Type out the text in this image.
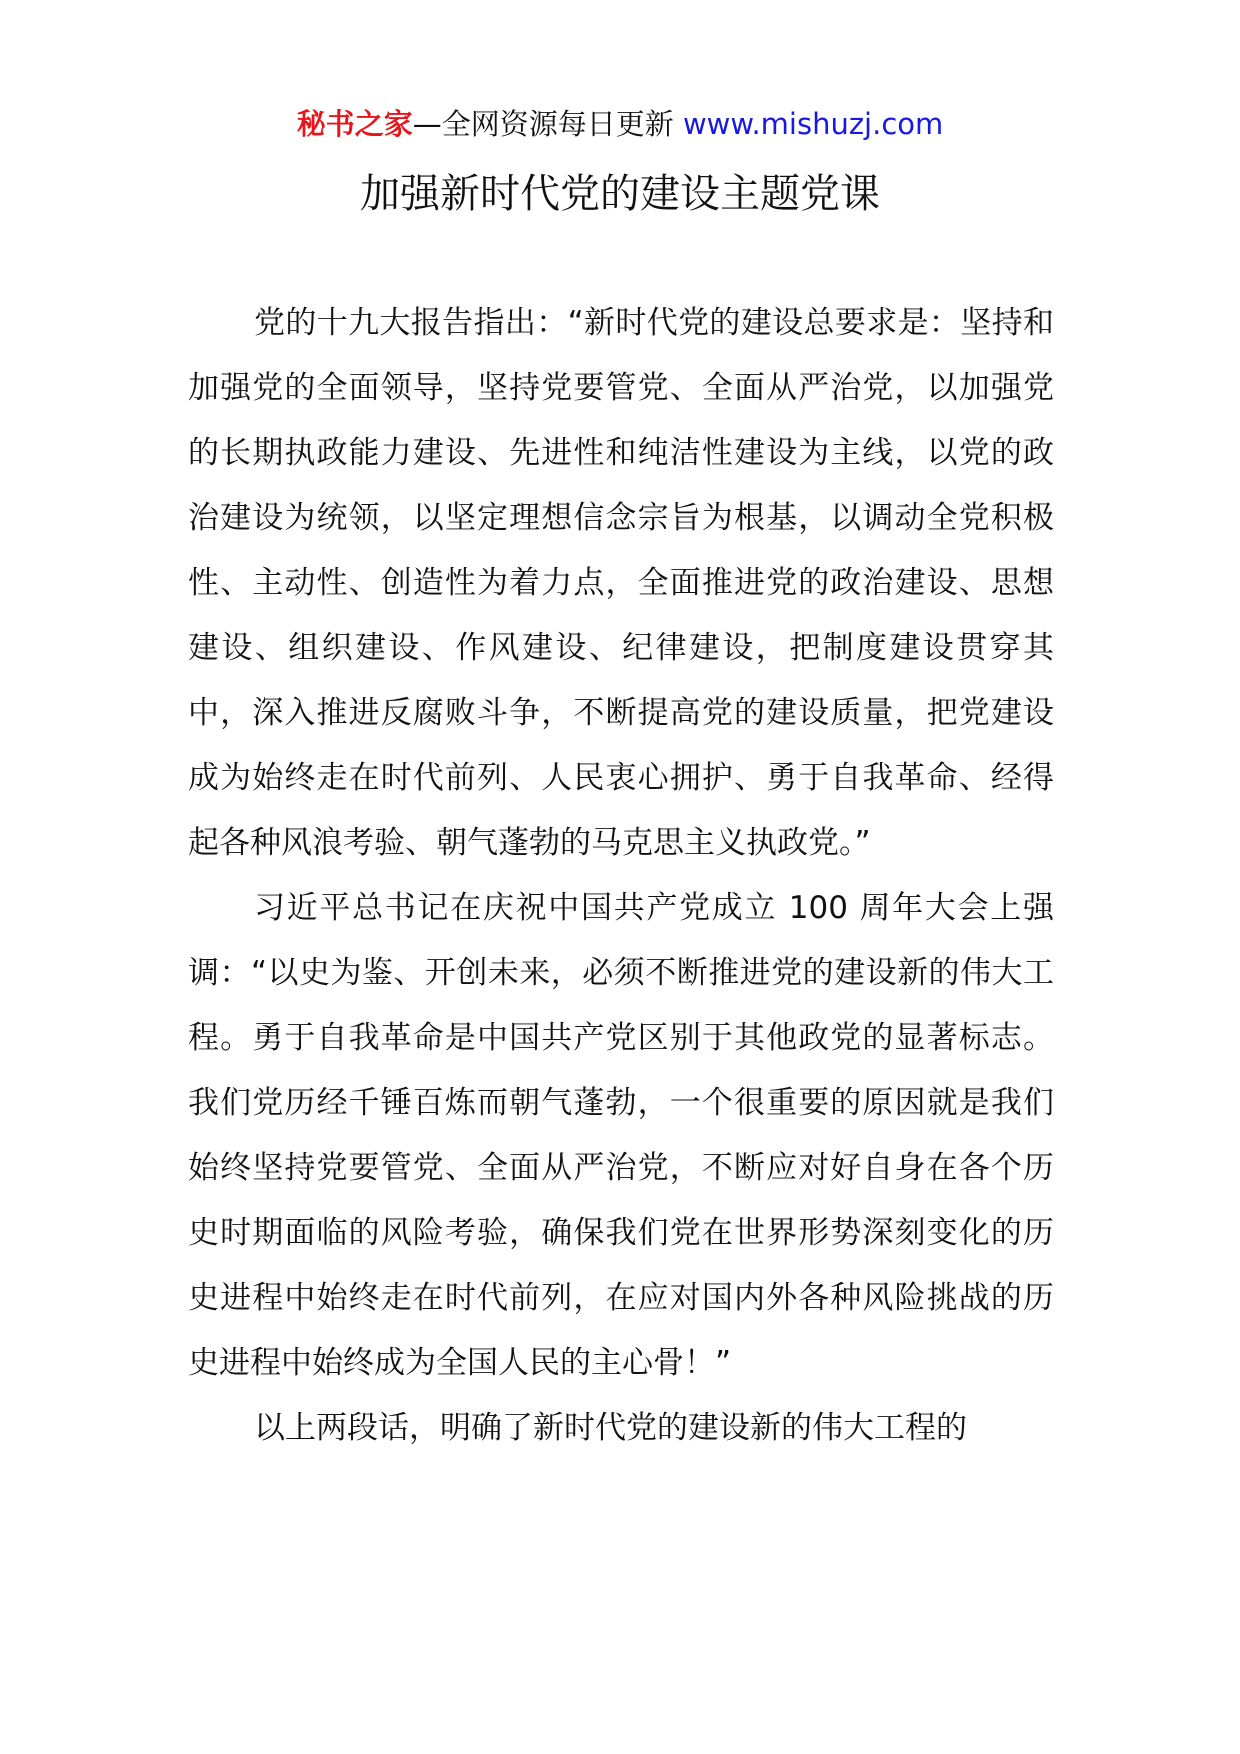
秘书之家—全网资源每日更新 www.mishuzj.com
加强新时代党的建设主题党课

党的十九大报告指出：“新时代党的建设总要求是：坚持和加强党的全面领导，坚持党要管党、全面从严治党，以加强党的长期执政能力建设、先进性和纯洁性建设为主线，以党的政治建设为统领，以坚定理想信念宗旨为根基，以调动全党积极性、主动性、创造性为着力点，全面推进党的政治建设、思想建设、组织建设、作风建设、纪律建设，把制度建设贯穿其中，深入推进反腐败斗争，不断提高党的建设质量，把党建设成为始终走在时代前列、人民衷心拥护、勇于自我革命、经得起各种风浪考验、朝气蓬勃的马克思主义执政党。”

习近平总书记在庆祝中国共产党成立 100 周年大会上强调：“以史为鉴、开创未来，必须不断推进党的建设新的伟大工程。勇于自我革命是中国共产党区别于其他政党的显著标志。我们党历经千锤百炼而朝气蓬勃，一个很重要的原因就是我们始终坚持党要管党、全面从严治党，不断应对好自身在各个历史时期面临的风险考验，确保我们党在世界形势深刻变化的历史进程中始终走在时代前列，在应对国内外各种风险挑战的历史进程中始终成为全国人民的主心骨！”

以上两段话，明确了新时代党的建设新的伟大工程的
